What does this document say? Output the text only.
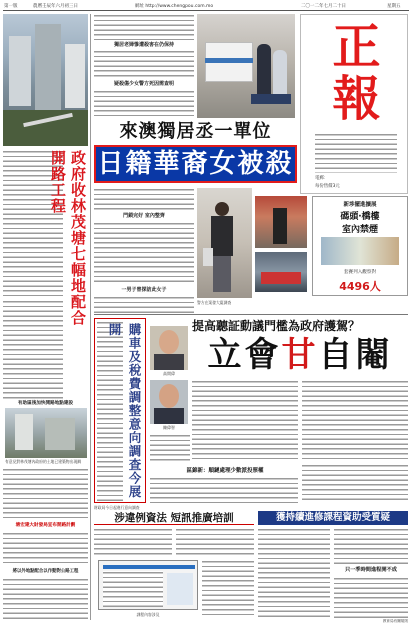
第一版	農曆壬辰年六月初三日	網址 http://www.chengpou.com.mo	二〇一二年七月二十日	星期五
政府收林茂塘七幅地配合開路工程
有助區後加快開路地點建設
有意見對林茂塘內政府的土地已建築物出現鋼
塘宏建大財發局宣布開路計劃
將以外地點配合以作動對公路工程
獨居老婦慘遭殺害在仍保持
疑殺傷少女警方死因需查明	正報
電郵：
每份售價3元
來澳獨居丞一單位
日籍華裔女被殺
門鎖完好 室內整齊
一男子曾探訪此女子
警方在案發大廈調查
新埗擺進擴展
碼頭‧橋樓
室內禁煙
套賽列入觀察對
4496人
購車及稅費調整意向調查今展開
高開偉
提高聽証動議門檻為政府護駕？
立會甘自閹
陳偉智
區錦新：順鏈處理少數派投票權
財政局今日起進行意向調查
涉違例資法 短訊推廣培訓	獲持續進修課程資助受質疑
課程內容涉及
只一季時間進程開不成
教育局有關規則
